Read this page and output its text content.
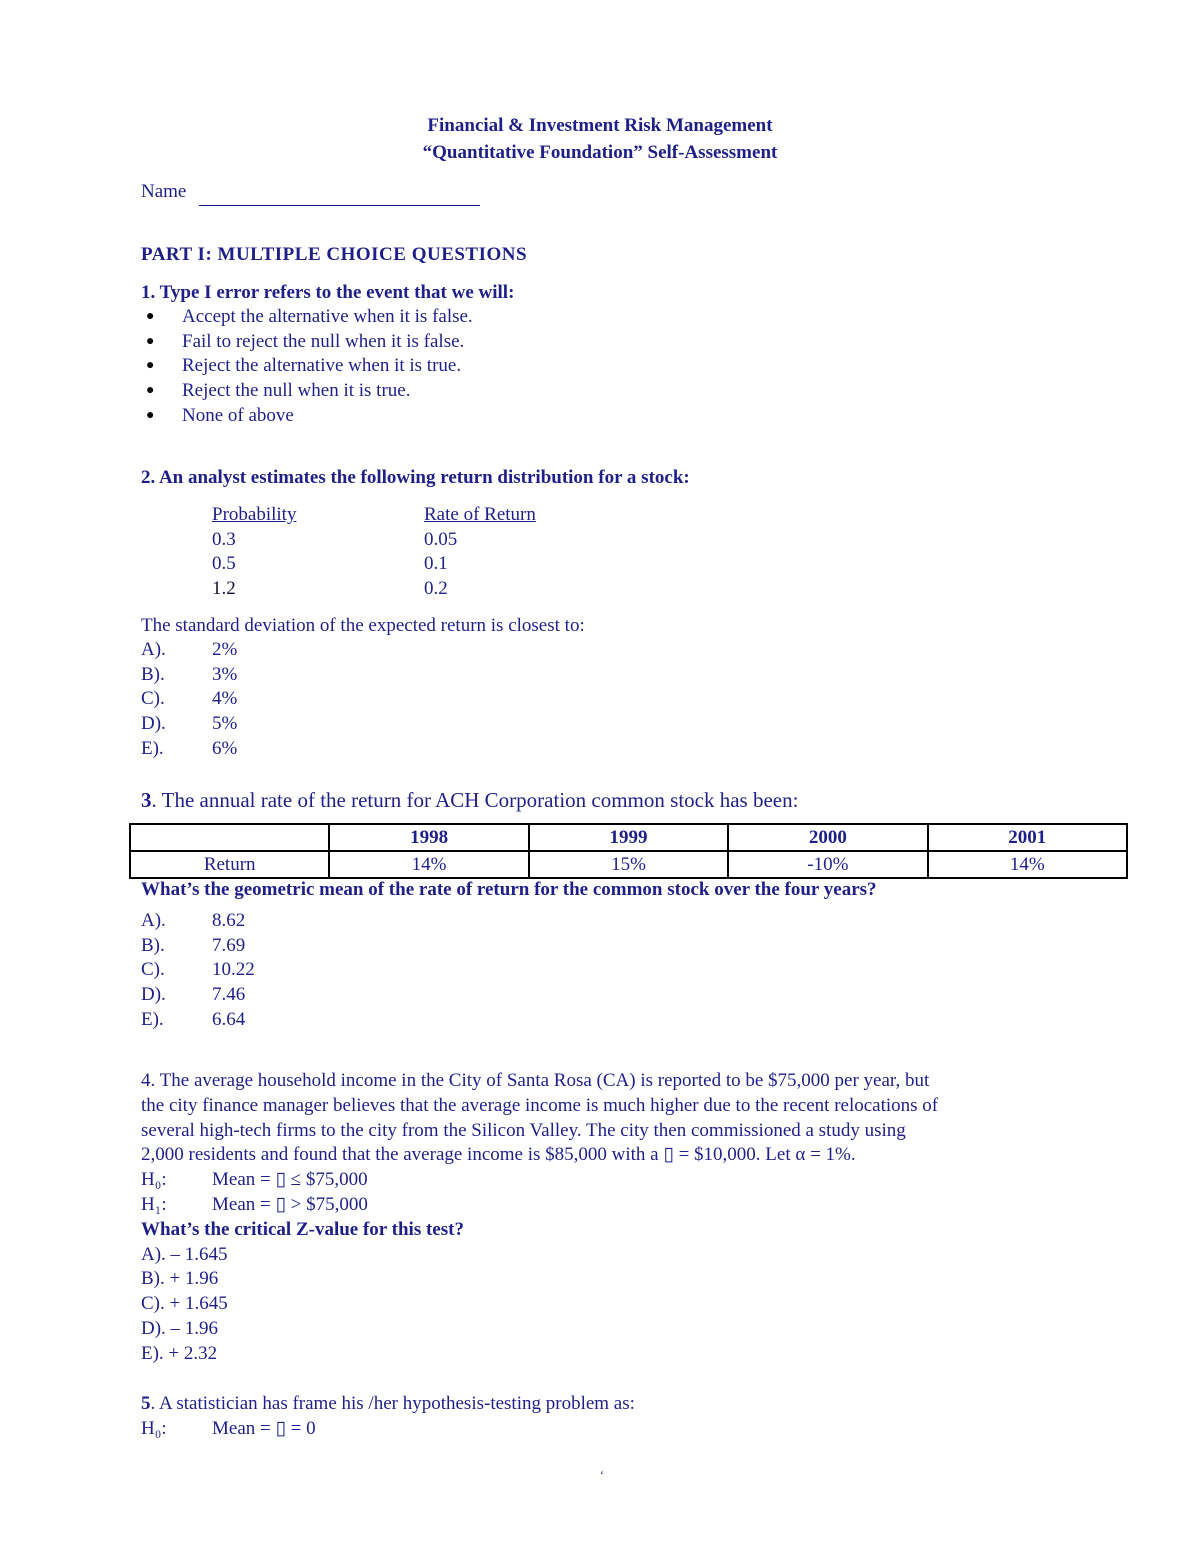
Financial & Investment Risk Management
“Quantitative Foundation” Self-Assessment
Name
PART I: MULTIPLE CHOICE QUESTIONS
1. Type I error refers to the event that we will:
● Accept the alternative when it is false.
● Fail to reject the null when it is false.
● Reject the alternative when it is true.
● Reject the null when it is true.
● None of above
2. An analyst estimates the following return distribution for a stock:
Probability	Rate of Return
0.3	0.05
0.5	0.1
1.2	0.2
The standard deviation of the expected return is closest to:
A). 2%
B). 3%
C). 4%
D). 5%
E).	6%
3. The annual rate of the return for ACH Corporation common stock has been:
	1998	1999	2000	2001
Return	14%	15%	-10%	14%
What’s the geometric mean of the rate of return for the common stock over the four years?
A). 8.62
B). 7.69
C). 10.22
D). 7.46
E).	6.64
4. The average household income in the City of Santa Rosa (CA) is reported to be $75,000 per year, but
the city finance manager believes that the average income is much higher due to the recent relocations of
several high-tech firms to the city from the Silicon Valley. The city then commissioned a study using
2,000 residents and found that the average income is $85,000 with a ▯ = $10,000. Let α = 1%.
H₀: Mean = ▯ ≤ $75,000
H₁: Mean = ▯ > $75,000
What’s the critical Z-value for this test?
A). – 1.645
B). + 1.96
C). + 1.645
D). – 1.96
E). + 2.32
5. A statistician has frame his /her hypothesis-testing problem as:
H₀: Mean = ▯ = 0
‘
